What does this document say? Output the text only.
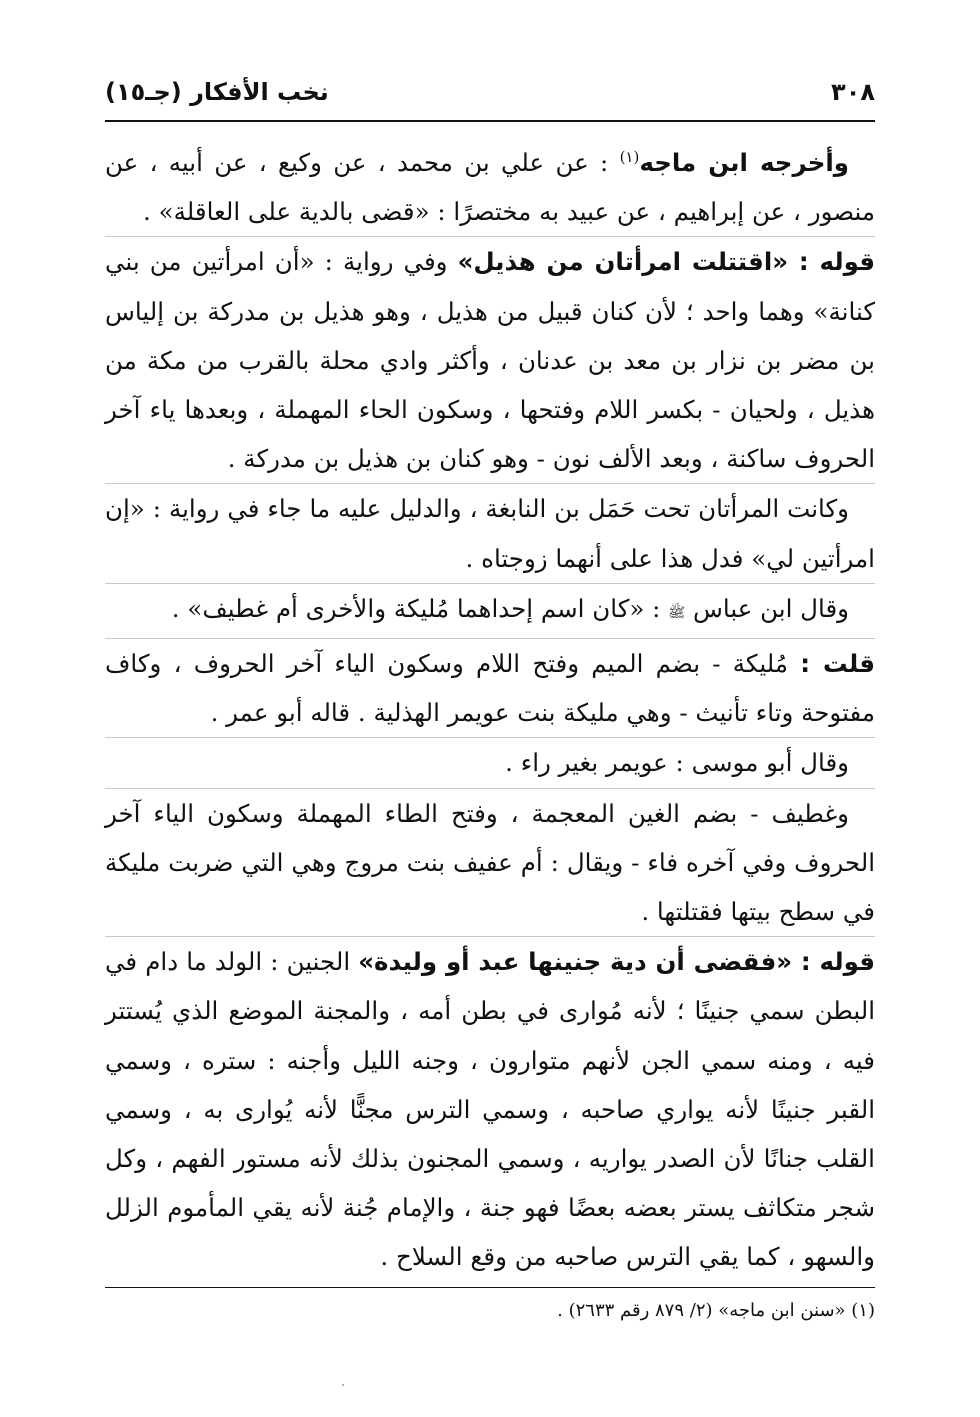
٣٠٨
نخب الأفكار (جـ١٥)

وأخرجه ابن ماجه$^{(١)}$ : عن علي بن محمد ، عن وكيع ، عن أبيه ، عن منصور ، عن إبراهيم ، عن عبيد به مختصرًا : «قضى بالدية على العاقلة» .

قوله : «اقتتلت امرأتان من هذيل» وفي رواية : «أن امرأتين من بني كنانة» وهما واحد ؛ لأن كنان قبيل من هذيل ، وهو هذيل بن مدركة بن إلياس بن مضر بن نزار بن معد بن عدنان ، وأكثر وادي محلة بالقرب من مكة من هذيل ، ولحيان - بكسر اللام وفتحها ، وسكون الحاء المهملة ، وبعدها ياء آخر الحروف ساكنة ، وبعد الألف نون - وهو كنان بن هذيل بن مدركة .

وكانت المرأتان تحت حَمَل بن النابغة ، والدليل عليه ما جاء في رواية : «إن امرأتين لي» فدل هذا على أنهما زوجتاه .

وقال ابن عباس ﷺ : «كان اسم إحداهما مُليكة والأخرى أم غطيف» .

قلت : مُليكة - بضم الميم وفتح اللام وسكون الياء آخر الحروف ، وكاف مفتوحة وتاء تأنيث - وهي مليكة بنت عويمر الهذلية . قاله أبو عمر .

وقال أبو موسى : عويمر بغير راء .

وغطيف - بضم الغين المعجمة ، وفتح الطاء المهملة وسكون الياء آخر الحروف وفي آخره فاء - ويقال : أم عفيف بنت مروج وهي التي ضربت مليكة في سطح بيتها فقتلتها .

قوله : «فقضى أن دية جنينها عبد أو وليدة» الجنين : الولد ما دام في البطن سمي جنينًا ؛ لأنه مُوارى في بطن أمه ، والمجنة الموضع الذي يُستتر فيه ، ومنه سمي الجن لأنهم متوارون ، وجنه الليل وأجنه : ستره ، وسمي القبر جنينًا لأنه يواري صاحبه ، وسمي الترس مجنًّا لأنه يُوارى به ، وسمي القلب جنانًا لأن الصدر يواريه ، وسمي المجنون بذلك لأنه مستور الفهم ، وكل شجر متكاثف يستر بعضه بعضًا فهو جنة ، والإمام جُنة لأنه يقي المأموم الزلل والسهو ، كما يقي الترس صاحبه من وقع السلاح .

(١) «سنن ابن ماجه» (٢/ ٨٧٩ رقم ٢٦٣٣) .
